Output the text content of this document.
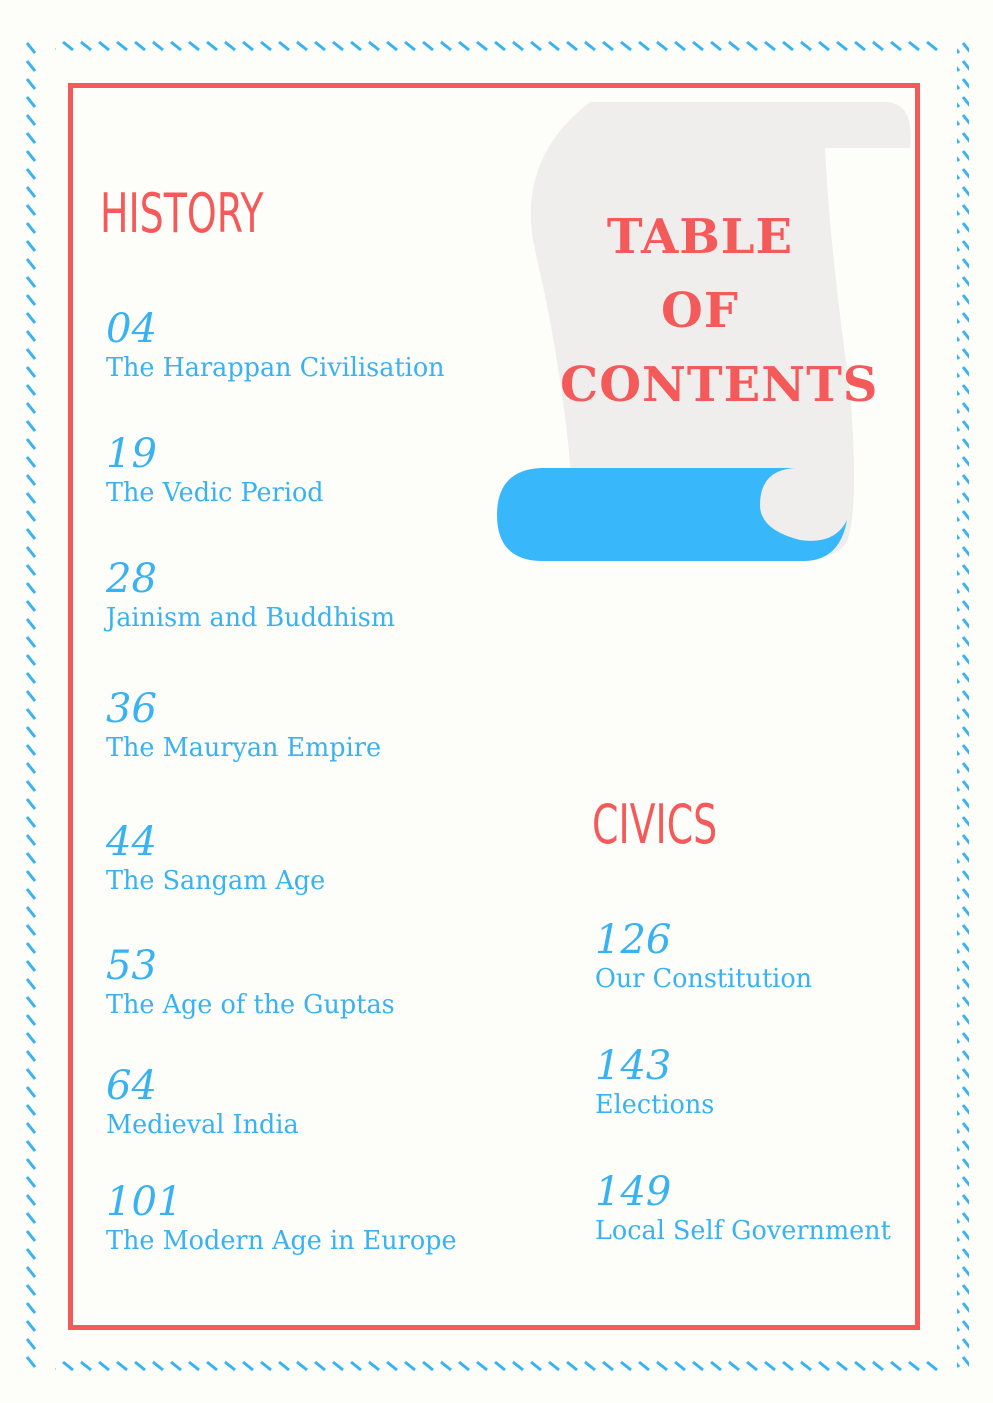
TABLE
OF
CONTENTS
HISTORY
04
The Harappan Civilisation
19
The Vedic Period
28
Jainism and Buddhism
36
The Mauryan Empire
44
The Sangam Age
53
The Age of the Guptas
64
Medieval India
101
The Modern Age in Europe
CIVICS
126
Our Constitution
143
Elections
149
Local Self Government
